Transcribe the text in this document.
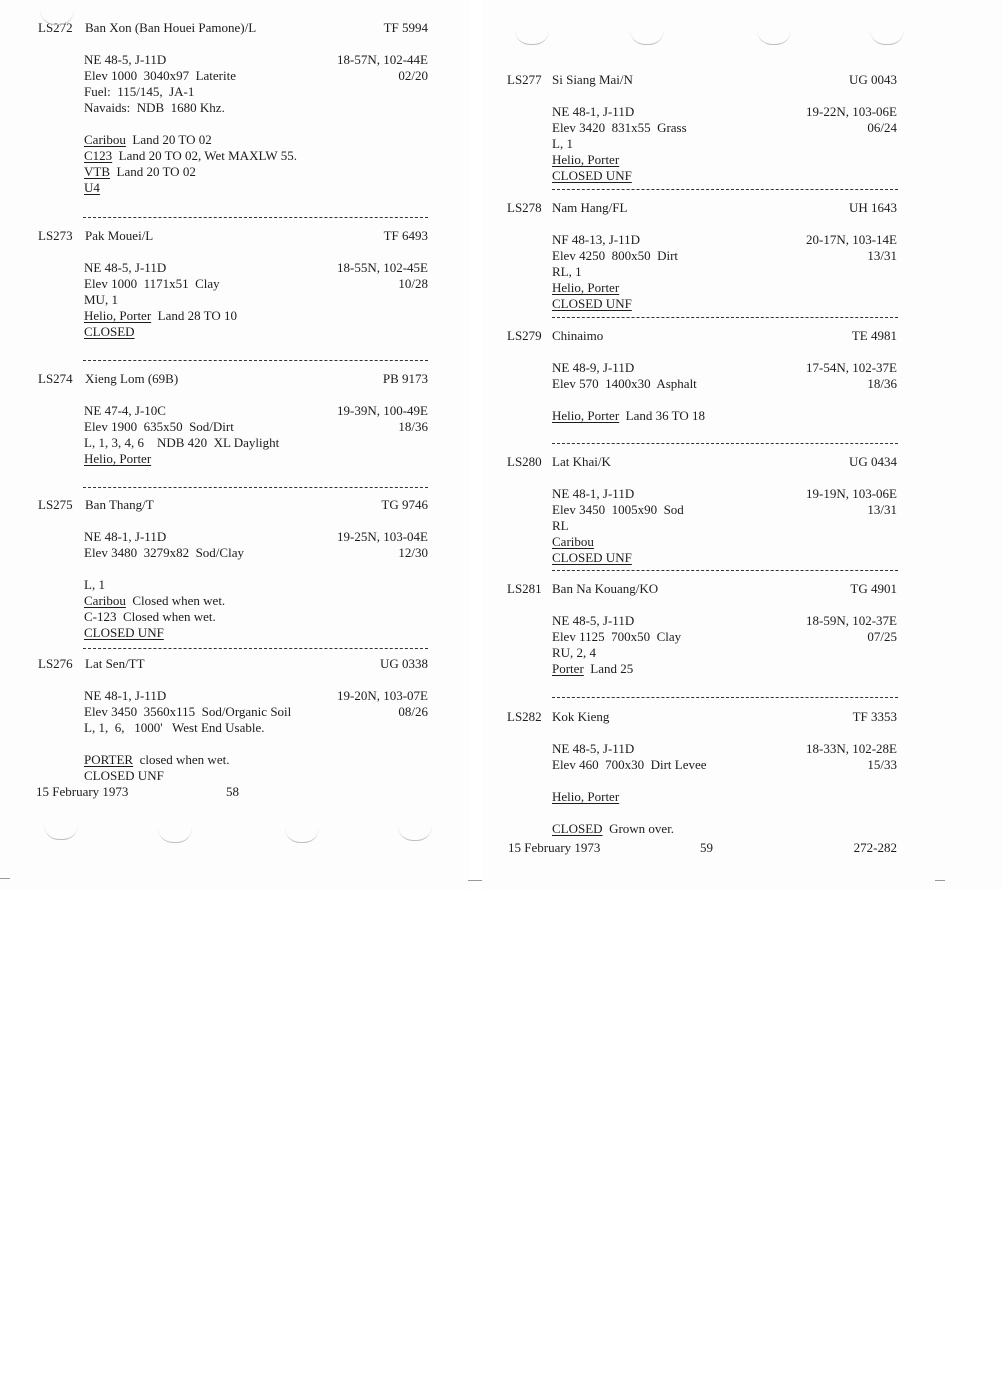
LS272 Ban Xon (Ban Houei Pamone)/L	TF 5994
NE 48-5, J-11D	18-57N, 102-44E
Elev 1000  3040x97  Laterite	02/20
Fuel:  115/145,  JA-1
Navaids:  NDB  1680 Khz.
Caribou  Land 20 TO 02
C123  Land 20 TO 02, Wet MAXLW 55.
VTB  Land 20 TO 02
U4
LS273 Pak Mouei/L	TF 6493
NE 48-5, J-11D	18-55N, 102-45E
Elev 1000  1171x51  Clay	10/28
MU, 1
Helio, Porter  Land 28 TO 10
CLOSED
LS274 Xieng Lom (69B)	PB 9173
NE 47-4, J-10C	19-39N, 100-49E
Elev 1900  635x50  Sod/Dirt	18/36
L, 1, 3, 4, 6    NDB 420  XL Daylight
Helio, Porter
LS275 Ban Thang/T	TG 9746
NE 48-1, J-11D	19-25N, 103-04E
Elev 3480  3279x82  Sod/Clay	12/30
L, 1
Caribou  Closed when wet.
C-123  Closed when wet.
CLOSED UNF
LS276 Lat Sen/TT	UG 0338
NE 48-1, J-11D	19-20N, 103-07E
Elev 3450  3560x115  Sod/Organic Soil	08/26
L, 1,  6,   1000'   West End Usable.
PORTER  closed when wet.
CLOSED UNF
15 February 1973	58
LS277 Si Siang Mai/N	UG 0043
NE 48-1, J-11D	19-22N, 103-06E
Elev 3420  831x55  Grass	06/24
L, 1
Helio, Porter
CLOSED UNF
LS278 Nam Hang/FL	UH 1643
NF 48-13, J-11D	20-17N, 103-14E
Elev 4250  800x50  Dirt	13/31
RL, 1
Helio, Porter
CLOSED UNF
LS279 Chinaimo	TE 4981
NE 48-9, J-11D	17-54N, 102-37E
Elev 570  1400x30  Asphalt	18/36
Helio, Porter  Land 36 TO 18
LS280 Lat Khai/K	UG 0434
NE 48-1, J-11D	19-19N, 103-06E
Elev 3450  1005x90  Sod	13/31
RL
Caribou
CLOSED UNF
LS281 Ban Na Kouang/KO	TG 4901
NE 48-5, J-11D	18-59N, 102-37E
Elev 1125  700x50  Clay	07/25
RU, 2, 4
Porter  Land 25
LS282 Kok Kieng	TF 3353
NE 48-5, J-11D	18-33N, 102-28E
Elev 460  700x30  Dirt Levee	15/33
Helio, Porter
CLOSED  Grown over.
15 February 1973	59	272-282
